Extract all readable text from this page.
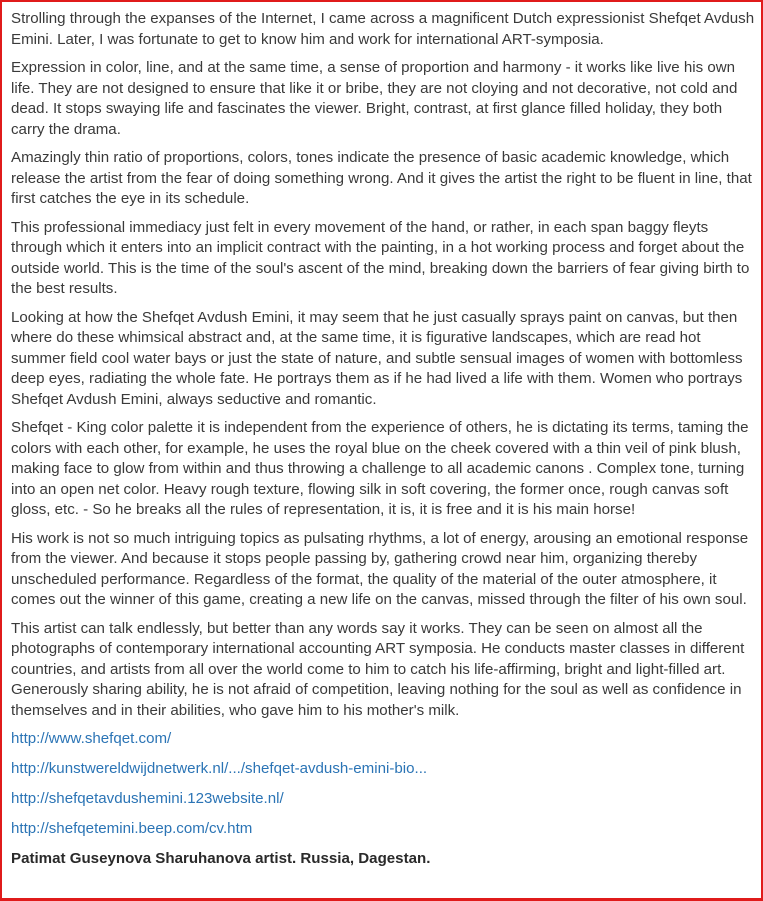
Strolling through the expanses of the Internet, I came across a magnificent Dutch expressionist Shefqet Avdush Emini. Later, I was fortunate to get to know him and work for international ART-symposia.

Expression in color, line, and at the same time, a sense of proportion and harmony - it works like live his own life. They are not designed to ensure that like it or bribe, they are not cloying and not decorative, not cold and dead. It stops swaying life and fascinates the viewer. Bright, contrast, at first glance filled holiday, they both carry the drama.

Amazingly thin ratio of proportions, colors, tones indicate the presence of basic academic knowledge, which release the artist from the fear of doing something wrong. And it gives the artist the right to be fluent in line, that first catches the eye in its schedule.

This professional immediacy just felt in every movement of the hand, or rather, in each span baggy fleyts through which it enters into an implicit contract with the painting, in a hot working process and forget about the outside world. This is the time of the soul's ascent of the mind, breaking down the barriers of fear giving birth to the best results.

Looking at how the Shefqet Avdush Emini, it may seem that he just casually sprays paint on canvas, but then where do these whimsical abstract and, at the same time, it is figurative landscapes, which are read hot summer field cool water bays or just the state of nature, and subtle sensual images of women with bottomless deep eyes, radiating the whole fate. He portrays them as if he had lived a life with them. Women who portrays Shefqet Avdush Emini, always seductive and romantic.

Shefqet - King color palette it is independent from the experience of others, he is dictating its terms, taming the colors with each other, for example, he uses the royal blue on the cheek covered with a thin veil of pink blush, making face to glow from within and thus throwing a challenge to all academic canons . Complex tone, turning into an open net color. Heavy rough texture, flowing silk in soft covering, the former once, rough canvas soft gloss, etc. - So he breaks all the rules of representation, it is, it is free and it is his main horse!

His work is not so much intriguing topics as pulsating rhythms, a lot of energy, arousing an emotional response from the viewer. And because it stops people passing by, gathering crowd near him, organizing thereby unscheduled performance. Regardless of the format, the quality of the material of the outer atmosphere, it comes out the winner of this game, creating a new life on the canvas, missed through the filter of his own soul.

This artist can talk endlessly, but better than any words say it works. They can be seen on almost all the photographs of contemporary international accounting ART symposia. He conducts master classes in different countries, and artists from all over the world come to him to catch his life-affirming, bright and light-filled art. Generously sharing ability, he is not afraid of competition, leaving nothing for the soul as well as confidence in themselves and in their abilities, who gave him to his mother's milk.

http://www.shefqet.com/
http://kunstwereldwijdnetwerk.nl/.../shefqet-avdush-emini-bio...
http://shefqetavdushemini.123website.nl/
http://shefqetemini.beep.com/cv.htm
Patimat Guseynova Sharuhanova artist. Russia, Dagestan.
